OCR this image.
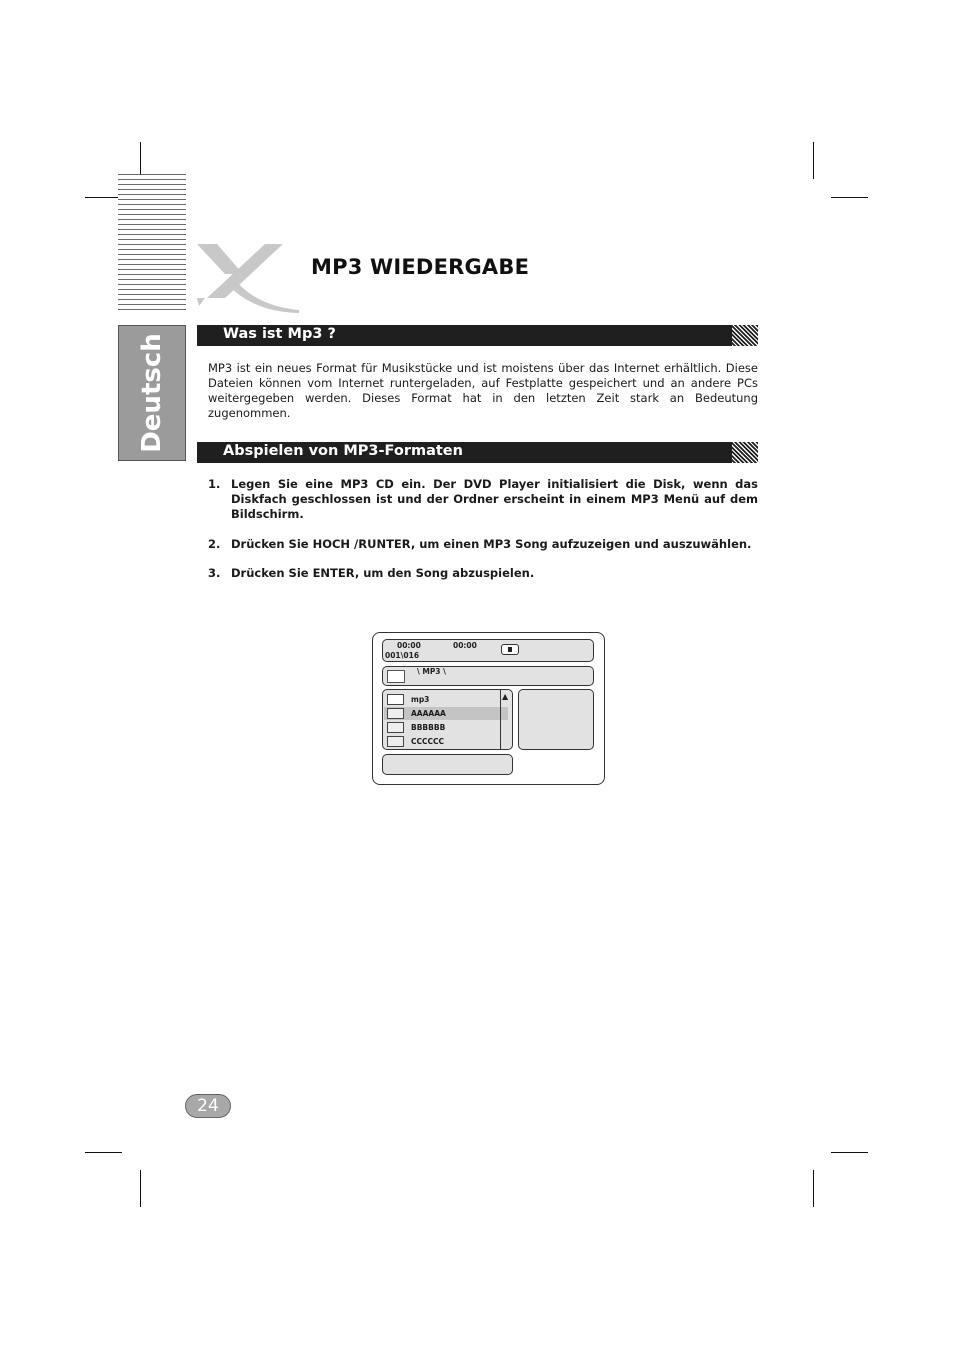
Deutsch
MP3 WIEDERGABE
Was ist Mp3 ?
MP3 ist ein neues Format für Musikstücke und ist moistens über das Internet erhältlich. Diese Dateien können vom Internet runtergeladen, auf Festplatte gespeichert und an andere PCs weitergegeben werden. Dieses Format hat in den letzten Zeit stark an Bedeutung zugenommen.
Abspielen von MP3-Formaten
1. Legen Sie eine MP3 CD ein. Der DVD Player initialisiert die Disk, wenn das Diskfach geschlossen ist und der Ordner erscheint in einem MP3 Menü auf dem Bildschirm.
2. Drücken Sie HOCH /RUNTER, um einen MP3 Song aufzuzeigen und auszuwählen.
3. Drücken Sie ENTER, um den Song abzuspielen.
00:00	00:00
001\016
\ MP3 \
mp3
AAAAAA
BBBBBB
CCCCCC
▲
24
